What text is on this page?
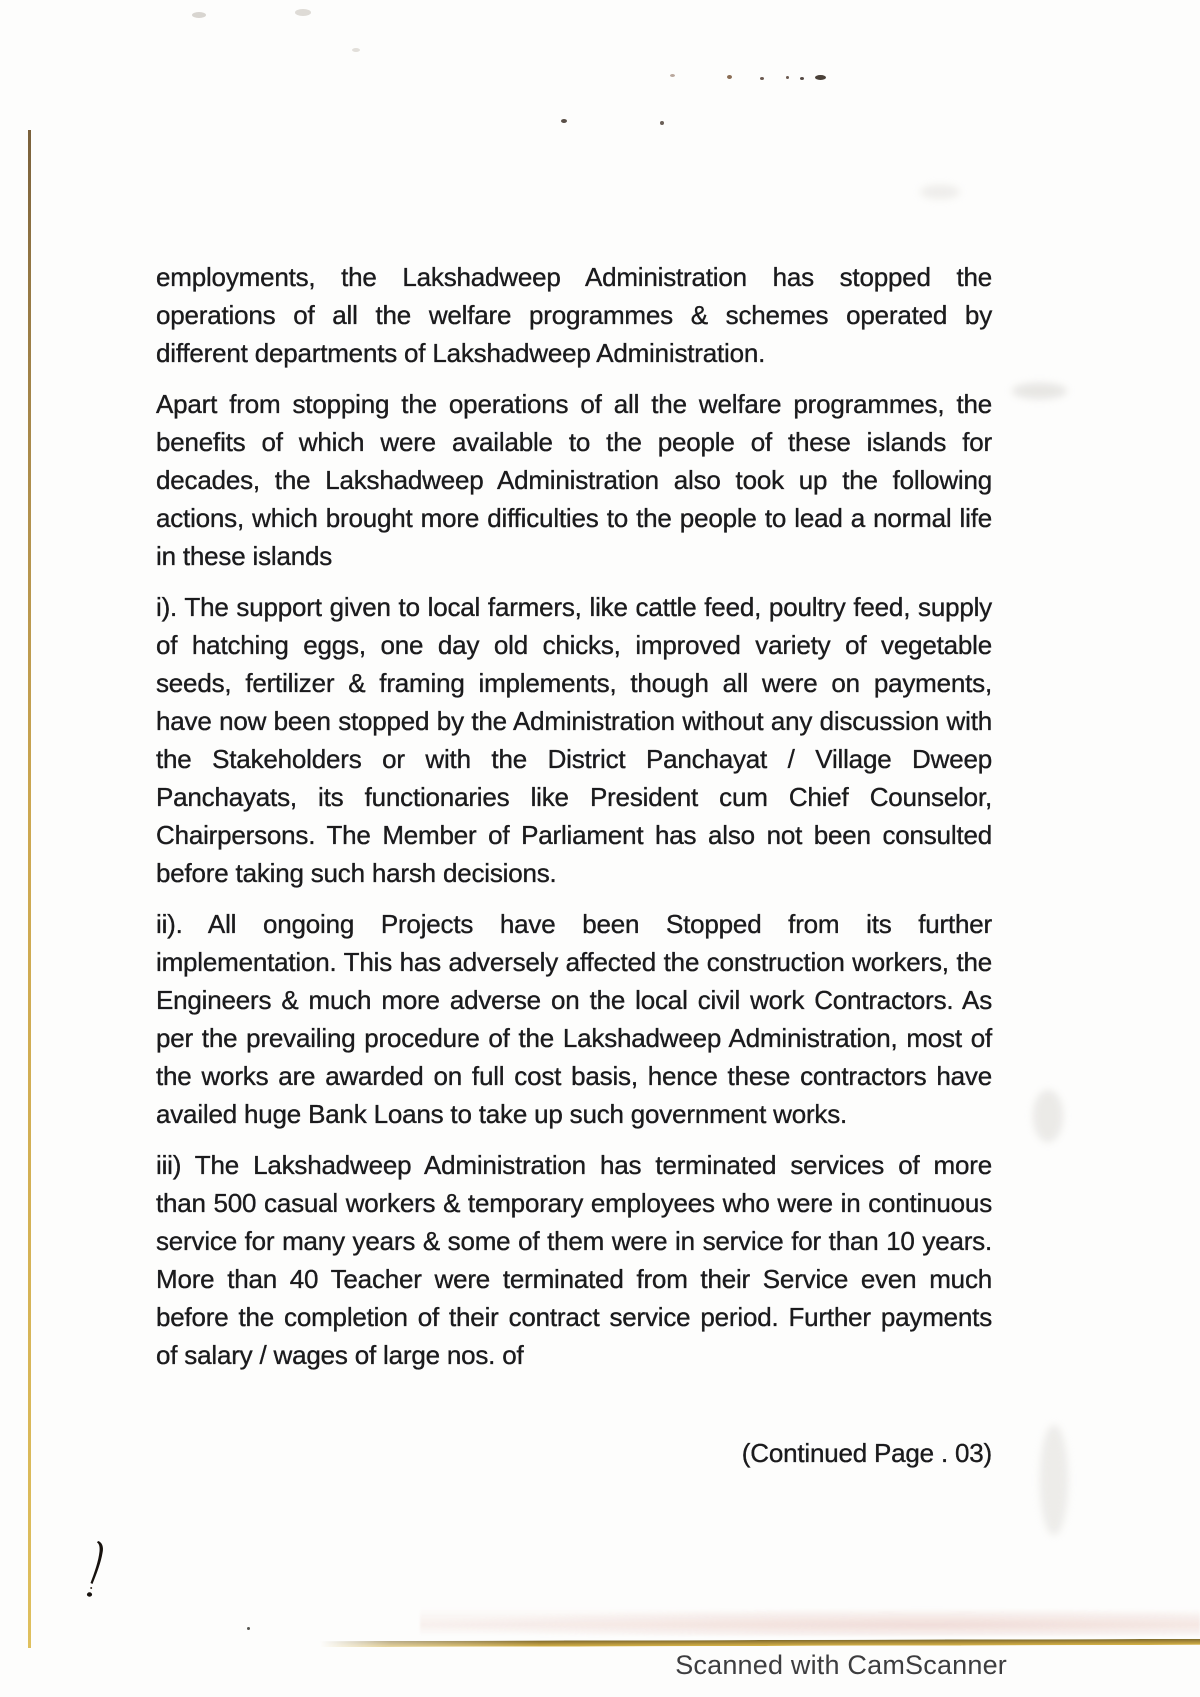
employments, the Lakshadweep Administration has stopped the operations of all the welfare programmes & schemes operated by different departments of Lakshadweep Administration.

Apart from stopping the operations of all the welfare programmes, the benefits of which were available to the people of these islands for decades, the Lakshadweep Administration also took up the following actions, which brought more difficulties to the people to lead a normal life in these islands

i). The support given to local farmers, like cattle feed, poultry feed, supply of hatching eggs, one day old chicks, improved variety of vegetable seeds, fertilizer & framing implements, though all were on payments, have now been stopped by the Administration without any discussion with the Stakeholders or with the District Panchayat / Village Dweep Panchayats, its functionaries like President cum Chief Counselor, Chairpersons. The Member of Parliament has also not been consulted before taking such harsh decisions.

ii). All ongoing Projects have been Stopped from its further implementation. This has adversely affected the construction workers, the Engineers & much more adverse on the local civil work Contractors. As per the prevailing procedure of the Lakshadweep Administration, most of the works are awarded on full cost basis, hence these contractors have availed huge Bank Loans to take up such government works.

iii) The Lakshadweep Administration has terminated services of more than 500 casual workers & temporary employees who were in continuous service for many years & some of them were in service for than 10 years. More than 40 Teacher were terminated from their Service even much before the completion of their contract service period. Further payments of salary / wages of large nos. of

(Continued Page . 03)

Scanned with CamScanner
